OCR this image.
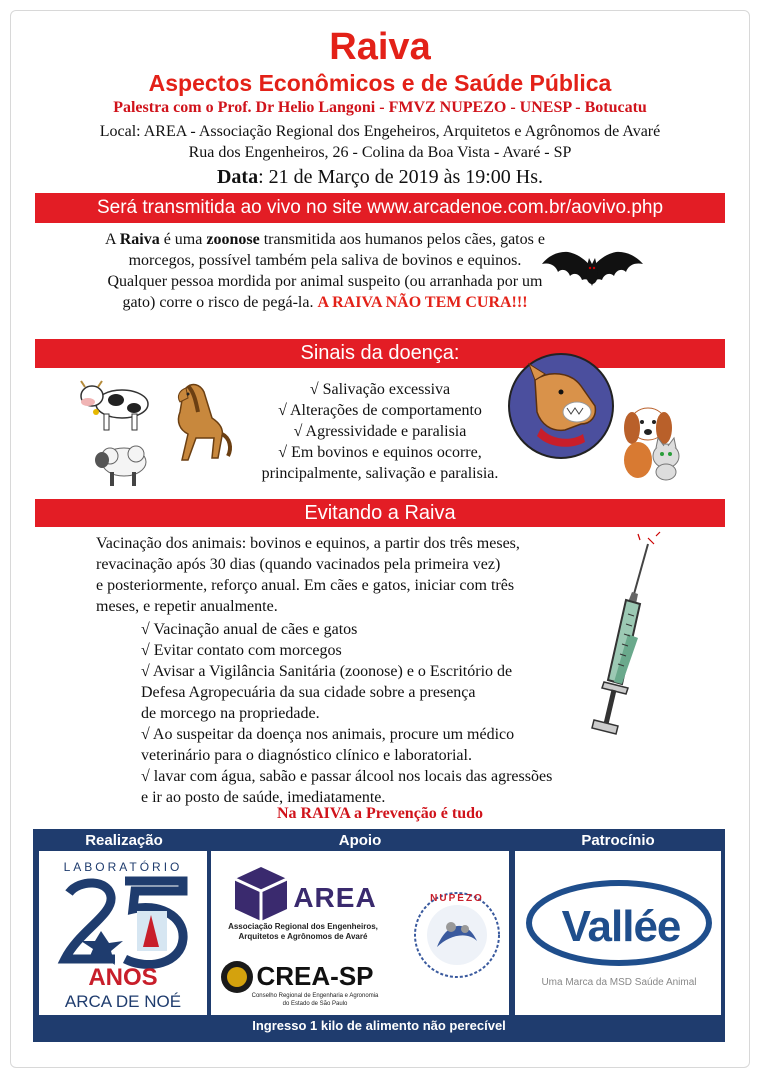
Raiva
Aspectos Econômicos e de Saúde Pública
Palestra com o Prof. Dr Helio Langoni - FMVZ NUPEZO - UNESP - Botucatu
Local: AREA - Associação Regional dos Engeheiros, Arquitetos e Agrônomos de Avaré
Rua dos Engenheiros, 26 - Colina da Boa Vista - Avaré - SP
Data: 21 de Março de 2019 às 19:00 Hs.
Será transmitida ao vivo no site www.arcadenoe.com.br/aovivo.php
A Raiva é uma zoonose transmitida aos humanos pelos cães, gatos e morcegos, possível também pela saliva de bovinos e equinos. Qualquer pessoa mordida por animal suspeito (ou arranhada por um gato) corre o risco de pegá-la. A RAIVA NÃO TEM CURA!!!
Sinais da doença:
√ Salivação excessiva
√ Alterações de comportamento
√ Agressividade e paralisia
√ Em bovinos e equinos ocorre,
principalmente, salivação e paralisia.
Evitando a Raiva
Vacinação dos animais: bovinos e equinos, a partir dos três meses,
revacinação após 30 dias (quando vacinados pela primeira vez)
e posteriormente, reforço anual. Em cães e gatos, iniciar com três
meses, e repetir anualmente.
√ Vacinação anual de cães e gatos
√ Evitar contato com morcegos
√ Avisar a Vigilância Sanitária (zoonose) e o Escritório de
Defesa Agropecuária da sua cidade sobre a presença
de morcego na propriedade.
√ Ao suspeitar da doença nos animais, procure um médico
veterinário para o diagnóstico clínico e laboratorial.
√ lavar com água, sabão e passar álcool nos locais das agressões
e ir ao posto de saúde, imediatamente.
Na RAIVA a Prevenção é tudo
Realização	Apoio	Patrocínio
LABORATÓRIO
ANOS
ARCA DE NOÉ
AREA
Associação Regional dos Engenheiros,
Arquitetos e Agrônomos de Avaré
CREA-SP
Conselho Regional de Engenharia e Agronomia
do Estado de São Paulo
NUPEZO
Vallée
Uma Marca da MSD Saúde Animal
Ingresso 1 kilo de alimento não perecível
